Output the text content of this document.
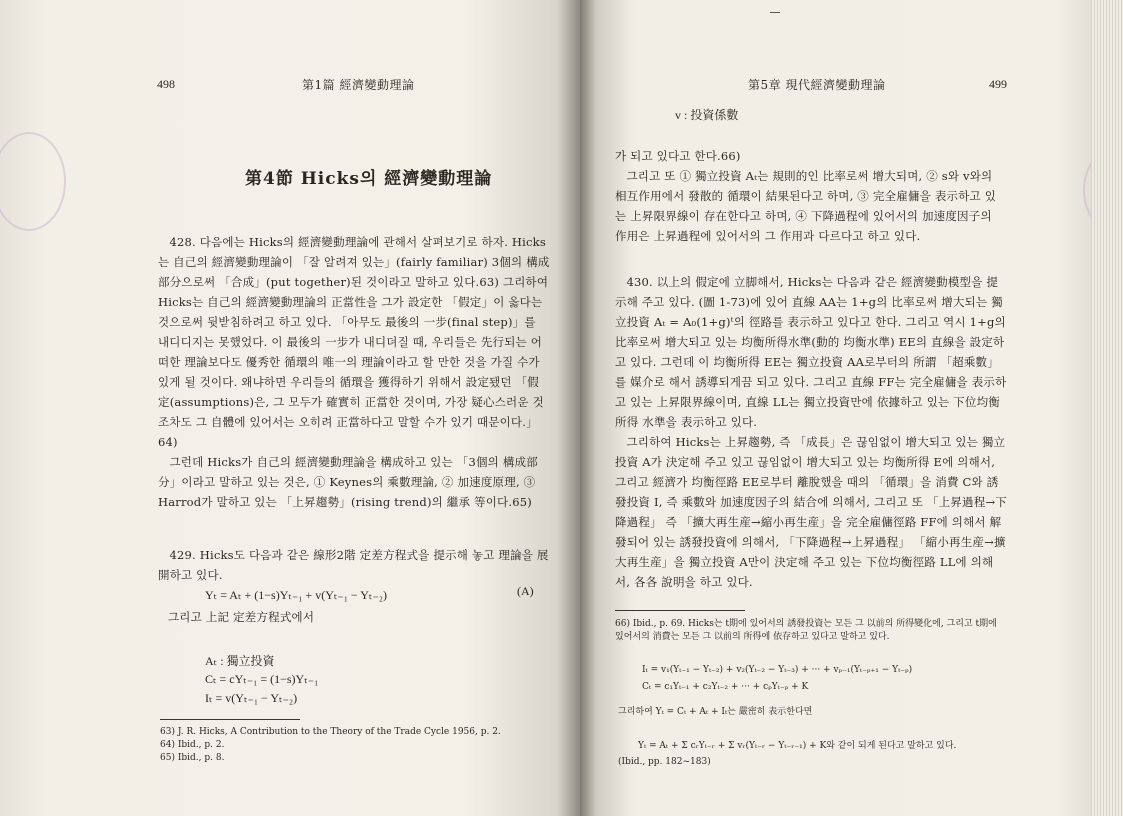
498	第1篇 經濟變動理論
第4節 Hicks의 經濟變動理論

428. 다음에는 Hicks의 經濟變動理論에 관해서 살펴보기로 하자. Hicks는 自己의 經濟變動理論이 「잘 알려져 있는」(fairly familiar) 3個의 構成部分으로써 「合成」(put together)된 것이라고 말하고 있다.63) 그리하여 Hicks는 自己의 經濟變動理論의 正當性을 그가 設定한 「假定」이 옳다는 것으로써 뒷받침하려고 하고 있다. 「아무도 最後의 一步(final step)」를 내디디지는 못했었다. 이 最後의 一步가 내디뎌질 때, 우리들은 先行되는 어떠한 理論보다도 優秀한 循環의 唯一의 理論이라고 할 만한 것을 가질 수가 있게 될 것이다. 왜냐하면 우리들의 循環을 獲得하기 위해서 設定됐던 「假定(assumptions)은, 그 모두가 確實히 正當한 것이며, 가장 疑心스러운 것조차도 그 自體에 있어서는 오히려 正當하다고 말할 수가 있기 때문이다.」64)

그런데 Hicks가 自己의 經濟變動理論을 構成하고 있는 「3個의 構成部分」이라고 말하고 있는 것은, ① Keynes의 乘數理論, ② 加速度原理, ③ Harrod가 말하고 있는 「上昇趨勢」(rising trend)의 繼承 等이다.65)

429. Hicks도 다음과 같은 線形2階 定差方程式을 提示해 놓고 理論을 展開하고 있다.

Yₜ = Aₜ + (1−s)Yₜ₋₁ + v(Yₜ₋₁ − Yₜ₋₂)	(A)
그리고 上記 定差方程式에서
Aₜ : 獨立投資
Cₜ = cYₜ₋₁ = (1−s)Yₜ₋₁
Iₜ = v(Yₜ₋₁ − Yₜ₋₂)

63) J. R. Hicks, A Contribution to the Theory of the Trade Cycle 1956, p. 2.

64) Ibid., p. 2.

65) Ibid., p. 8.

第5章 現代經濟變動理論	499
v : 投資係數

가 되고 있다고 한다.66)

그리고 또 ① 獨立投資 Aₜ는 規則的인 比率로써 增大되며, ② s와 v와의 相互作用에서 發散的 循環이 結果된다고 하며, ③ 完全雇傭을 表示하고 있는 上昇限界線이 存在한다고 하며, ④ 下降過程에 있어서의 加速度因子의 作用은 上昇過程에 있어서의 그 作用과 다르다고 하고 있다.

430. 以上의 假定에 立脚해서, Hicks는 다음과 같은 經濟變動模型을 提示해 주고 있다. (圖 1-73)에 있어 直線 AA는 1+g의 比率로써 增大되는 獨立投資 Aₜ = A₀(1+g)ᵗ의 徑路를 表示하고 있다고 한다. 그리고 역시 1+g의 比率로써 增大되고 있는 均衡所得水準(動的 均衡水準) EE의 直線을 設定하고 있다. 그런데 이 均衡所得 EE는 獨立投資 AA로부터의 所謂 「超乘數」를 媒介로 해서 誘導되게끔 되고 있다. 그리고 直線 FF는 完全雇傭을 表示하고 있는 上昇限界線이며, 直線 LL는 獨立投資만에 依據하고 있는 下位均衡所得 水準을 表示하고 있다.

그리하여 Hicks는 上昇趨勢, 즉 「成長」은 끊임없이 增大되고 있는 獨立投資 A가 決定해 주고 있고 끊임없이 增大되고 있는 均衡所得 E에 의해서, 그리고 經濟가 均衡徑路 EE로부터 離脫했을 때의 「循環」을 消費 C와 誘發投資 I, 즉 乘數와 加速度因子의 結合에 의해서, 그리고 또 「上昇過程→下降過程」 즉 「擴大再生産→縮小再生産」을 完全雇傭徑路 FF에 의해서 解發되어 있는 誘發投資에 의해서, 「下降過程→上昇過程」 「縮小再生産→擴大再生産」을 獨立投資 A만이 決定해 주고 있는 下位均衡徑路 LL에 의해서, 各各 說明을 하고 있다.

66) Ibid., p. 69. Hicks는 t期에 있어서의 誘發投資는 모든 그 以前의 所得變化에, 그리고 t期에 있어서의 消費는 모든 그 以前의 所得에 依存하고 있다고 말하고 있다.

Iₜ = v₁(Yₜ₋₁ − Yₜ₋₂) + v₂(Yₜ₋₂ − Yₜ₋₃) + ··· + vₚ₋₁(Yₜ₋ₚ₊₁ − Yₜ₋ₚ)
Cₜ = c₁Yₜ₋₁ + c₂Yₜ₋₂ + ··· + cₚYₜ₋ₚ + K
그리하여 Yₜ = Cₜ + Aₜ + Iₜ는 嚴密히 表示한다면
Yₜ = Aₜ + Σ cᵣYₜ₋ᵣ + Σ vᵣ(Yₜ₋ᵣ − Yₜ₋ᵣ₋₁) + K와 같이 되게 된다고 말하고 있다.
(Ibid., pp. 182~183)
